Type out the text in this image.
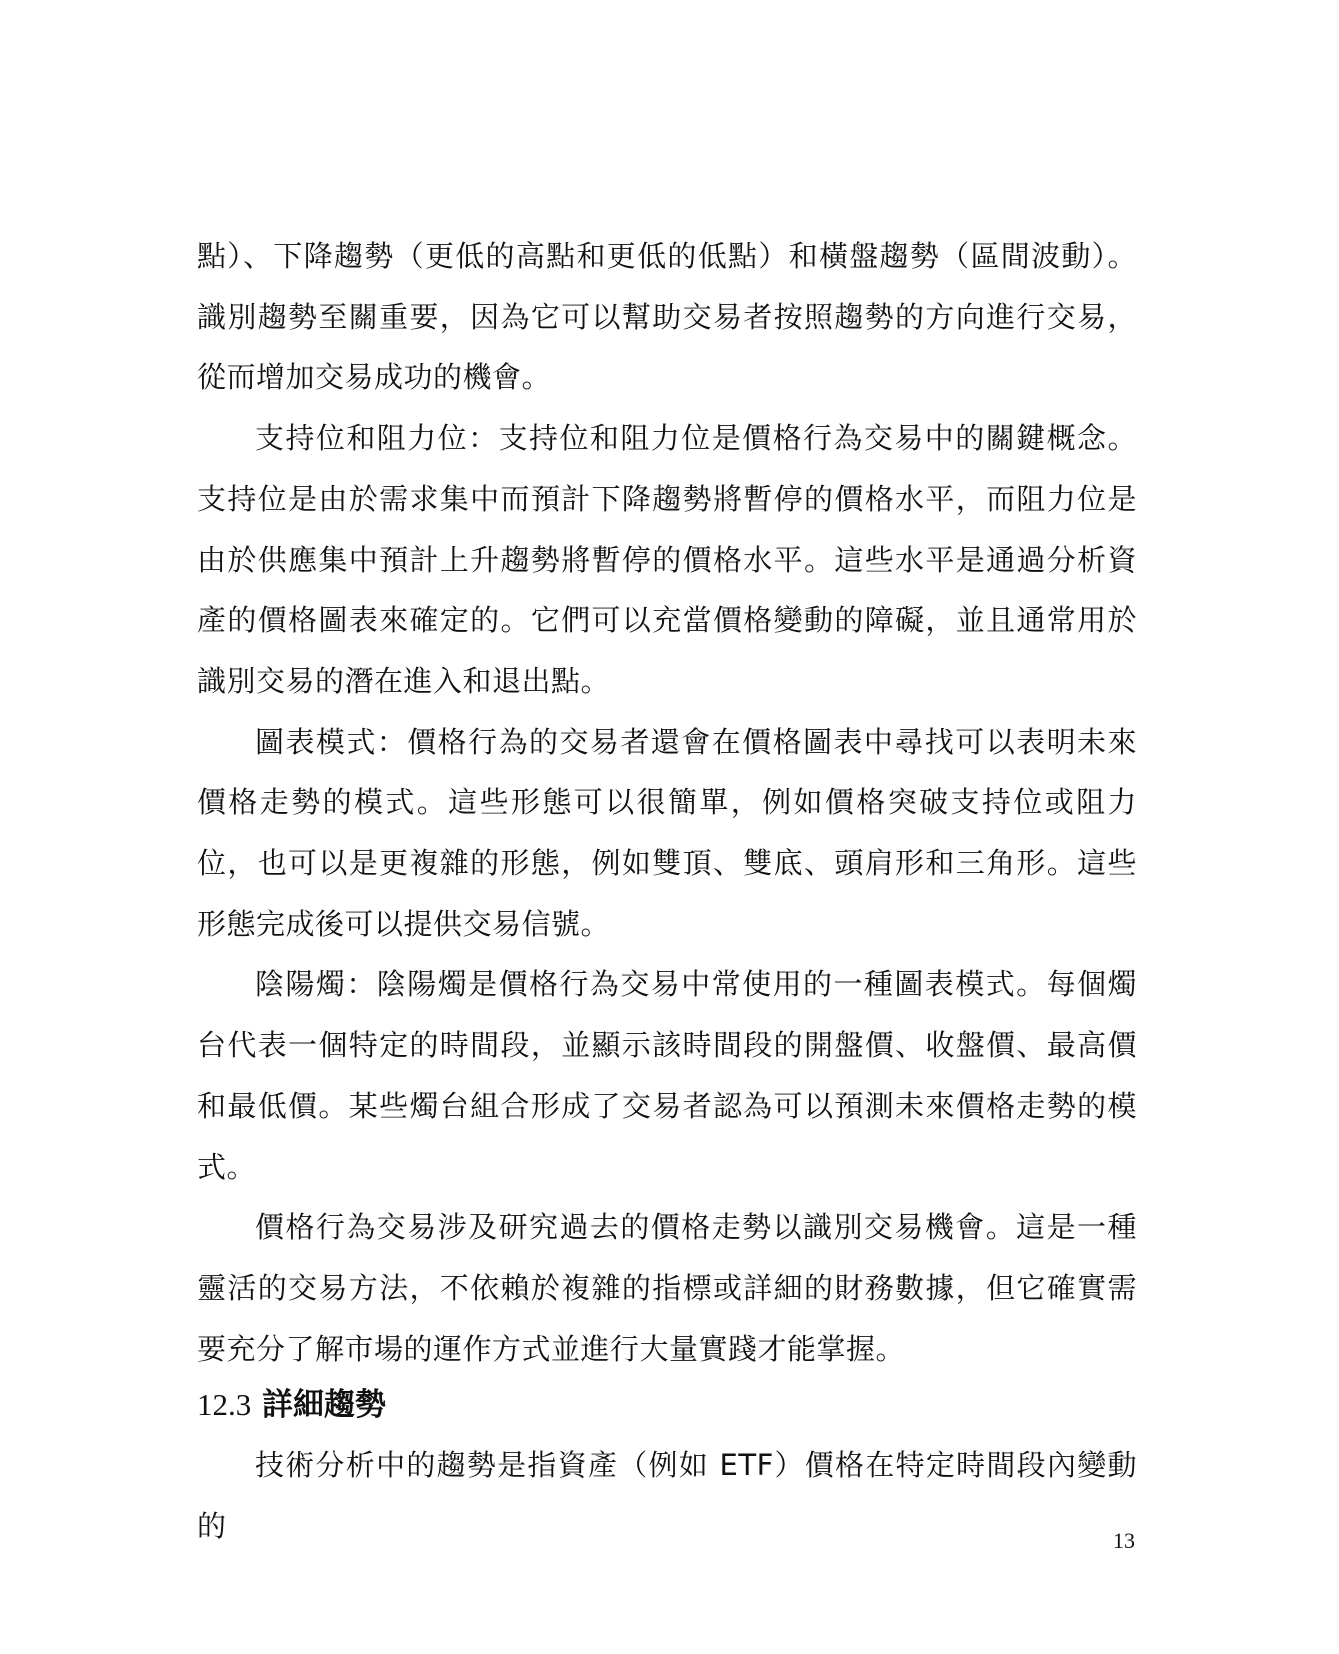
點）、下降趨勢（更低的高點和更低的低點）和橫盤趨勢（區間波動）。識別趨勢至關重要，因為它可以幫助交易者按照趨勢的方向進行交易，從而增加交易成功的機會。

支持位和阻力位：支持位和阻力位是價格行為交易中的關鍵概念。支持位是由於需求集中而預計下降趨勢將暫停的價格水平，而阻力位是由於供應集中預計上升趨勢將暫停的價格水平。這些水平是通過分析資產的價格圖表來確定的。它們可以充當價格變動的障礙，並且通常用於識別交易的潛在進入和退出點。

圖表模式：價格行為的交易者還會在價格圖表中尋找可以表明未來價格走勢的模式。這些形態可以很簡單，例如價格突破支持位或阻力位，也可以是更複雜的形態，例如雙頂、雙底、頭肩形和三角形。這些形態完成後可以提供交易信號。

陰陽燭：陰陽燭是價格行為交易中常使用的一種圖表模式。每個燭台代表一個特定的時間段，並顯示該時間段的開盤價、收盤價、最高價和最低價。某些燭台組合形成了交易者認為可以預測未來價格走勢的模式。

價格行為交易涉及研究過去的價格走勢以識別交易機會。這是一種靈活的交易方法，不依賴於複雜的指標或詳細的財務數據，但它確實需要充分了解市場的運作方式並進行大量實踐才能掌握。

12.3 詳細趨勢

技術分析中的趨勢是指資產（例如 ETF）價格在特定時間段內變動的	13
